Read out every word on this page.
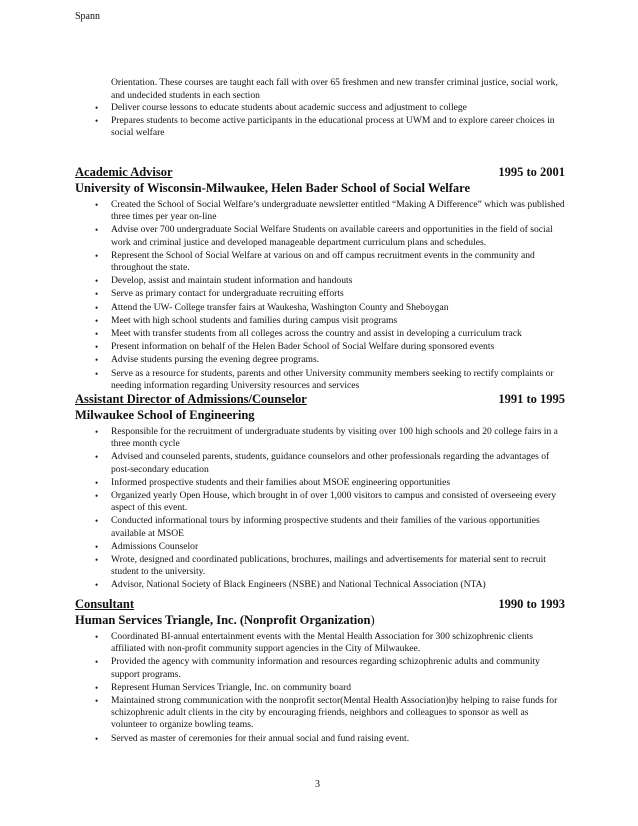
Spann
Orientation. These courses are taught each fall with over 65 freshmen and new transfer criminal justice, social work, and undecided students in each section
• Deliver course lessons to educate students about academic success and adjustment to college
• Prepares students to become active participants in the educational process at UWM and to explore career choices in social welfare
Academic Advisor	1995 to 2001
University of Wisconsin-Milwaukee, Helen Bader School of Social Welfare
• Created the School of Social Welfare’s undergraduate newsletter entitled “Making A Difference” which was published three times per year on-line
• Advise over 700 undergraduate Social Welfare Students on available careers and opportunities in the field of social work and criminal justice and developed manageable department curriculum plans and schedules.
• Represent the School of Social Welfare at various on and off campus recruitment events in the community and throughout the state.
• Develop, assist and maintain student information and handouts
• Serve as primary contact for undergraduate recruiting efforts
• Attend the UW- College transfer fairs at Waukesha, Washington County and Sheboygan
• Meet with high school students and families during campus visit programs
• Meet with transfer students from all colleges across the country and assist in developing a curriculum track
• Present information on behalf of the Helen Bader School of Social Welfare during sponsored events
• Advise students pursing the evening degree programs.
• Serve as a resource for students, parents and other University community members seeking to rectify complaints or needing information regarding University resources and services
Assistant Director of Admissions/Counselor	1991 to 1995
Milwaukee School of Engineering
• Responsible for the recruitment of undergraduate students by visiting over 100 high schools and 20 college fairs in a three month cycle
• Advised and counseled parents, students, guidance counselors and other professionals regarding the advantages of post-secondary education
• Informed prospective students and their families about MSOE engineering opportunities
• Organized yearly Open House, which brought in of over 1,000 visitors to campus and consisted of overseeing every aspect of this event.
• Conducted informational tours by informing prospective students and their families of the various opportunities available at MSOE
• Admissions Counselor
• Wrote, designed and coordinated publications, brochures, mailings and advertisements for material sent to recruit student to the university.
• Advisor, National Society of Black Engineers (NSBE) and National Technical Association (NTA)
Consultant	1990 to 1993
Human Services Triangle, Inc. (Nonprofit Organization)
• Coordinated BI-annual entertainment events with the Mental Health Association for 300 schizophrenic clients affiliated with non-profit community support agencies in the City of Milwaukee.
• Provided the agency with community information and resources regarding schizophrenic adults and community support programs.
• Represent Human Services Triangle, Inc. on community board
• Maintained strong communication with the nonprofit sector(Mental Health Association)by helping to raise funds for schizophrenic adult clients in the city by encouraging friends, neighbors and colleagues to sponsor as well as volunteer to organize bowling teams.
• Served as master of ceremonies for their annual social and fund raising event.
3
